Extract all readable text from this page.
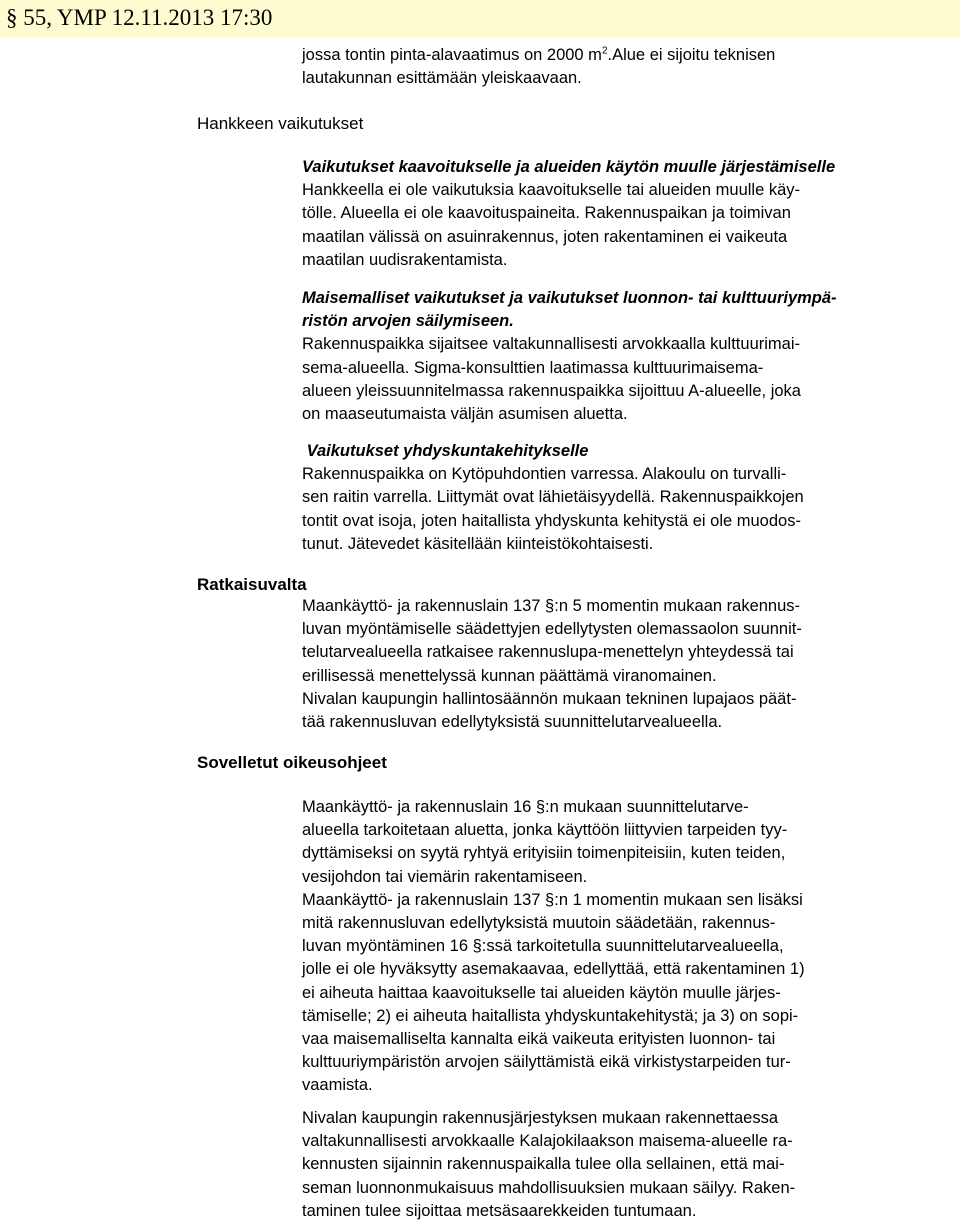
§ 55, YMP 12.11.2013 17:30
jossa tontin pinta-alavaatimus on 2000 $m^2.Alue$ ei sijoitu teknisen
lautakunnan esittämään yleiskaavaan.
Hankkeen vaikutukset
Vaikutukset kaavoitukselle ja alueiden käytön muulle järjestämiselle
Hankkeella ei ole vaikutuksia kaavoitukselle tai alueiden muulle käy-
tölle. Alueella ei ole kaavoituspaineita. Rakennuspaikan ja toimivan
maatilan välissä on asuinrakennus, joten rakentaminen ei vaikeuta
maatilan uudisrakentamista.
Maisemalliset vaikutukset ja vaikutukset luonnon- tai kulttuuriympä-
ristön arvojen säilymiseen.
Rakennuspaikka sijaitsee valtakunnallisesti arvokkaalla kulttuurimai-
sema-alueella. Sigma-konsulttien laatimassa kulttuurimaisema-
alueen yleissuunnitelmassa rakennuspaikka sijoittuu A-alueelle, joka
on maaseutumaista väljän asumisen aluetta.
Vaikutukset yhdyskuntakehitykselle
Rakennuspaikka on Kytöpuhdontien varressa. Alakoulu on turvalli-
sen raitin varrella. Liittymät ovat lähietäisyydellä. Rakennuspaikkojen
tontit ovat isoja, joten haitallista yhdyskunta kehitystä ei ole muodos-
tunut. Jätevedet käsitellään kiinteistökohtaisesti.
Ratkaisuvalta
Maankäyttö- ja rakennuslain 137 §:n 5 momentin mukaan rakennus-
luvan myöntämiselle säädettyjen edellytysten olemassaolon suunnit-
telutarvealueella ratkaisee rakennuslupa-menettelyn yhteydessä tai
erillisessä menettelyssä kunnan päättämä viranomainen.
Nivalan kaupungin hallintosäännön mukaan tekninen lupajaos päät-
tää rakennusluvan edellytyksistä suunnittelutarvealueella.
Sovelletut oikeusohjeet
Maankäyttö- ja rakennuslain 16 §:n mukaan suunnittelutarve-
alueella tarkoitetaan aluetta, jonka käyttöön liittyvien tarpeiden tyy-
dyttämiseksi on syytä ryhtyä erityisiin toimenpiteisiin, kuten teiden,
vesijohdon tai viemärin rakentamiseen.
Maankäyttö- ja rakennuslain 137 §:n 1 momentin mukaan sen lisäksi
mitä rakennusluvan edellytyksistä muutoin säädetään, rakennus-
luvan myöntäminen 16 §:ssä tarkoitetulla suunnittelutarvealueella,
jolle ei ole hyväksytty asemakaavaa, edellyttää, että rakentaminen 1)
ei aiheuta haittaa kaavoitukselle tai alueiden käytön muulle järjes-
tämiselle; 2) ei aiheuta haitallista yhdyskuntakehitystä; ja 3) on sopi-
vaa maisemalliselta kannalta eikä vaikeuta erityisten luonnon- tai
kulttuuriympäristön arvojen säilyttämistä eikä virkistystarpeiden tur-
vaamista.
Nivalan kaupungin rakennusjärjestyksen mukaan rakennettaessa
valtakunnallisesti arvokkaalle Kalajokilaakson maisema-alueelle ra-
kennusten sijainnin rakennuspaikalla tulee olla sellainen, että mai-
seman luonnonmukaisuus mahdollisuuksien mukaan säilyy. Raken-
taminen tulee sijoittaa metsäsaarekkeiden tuntumaan.
